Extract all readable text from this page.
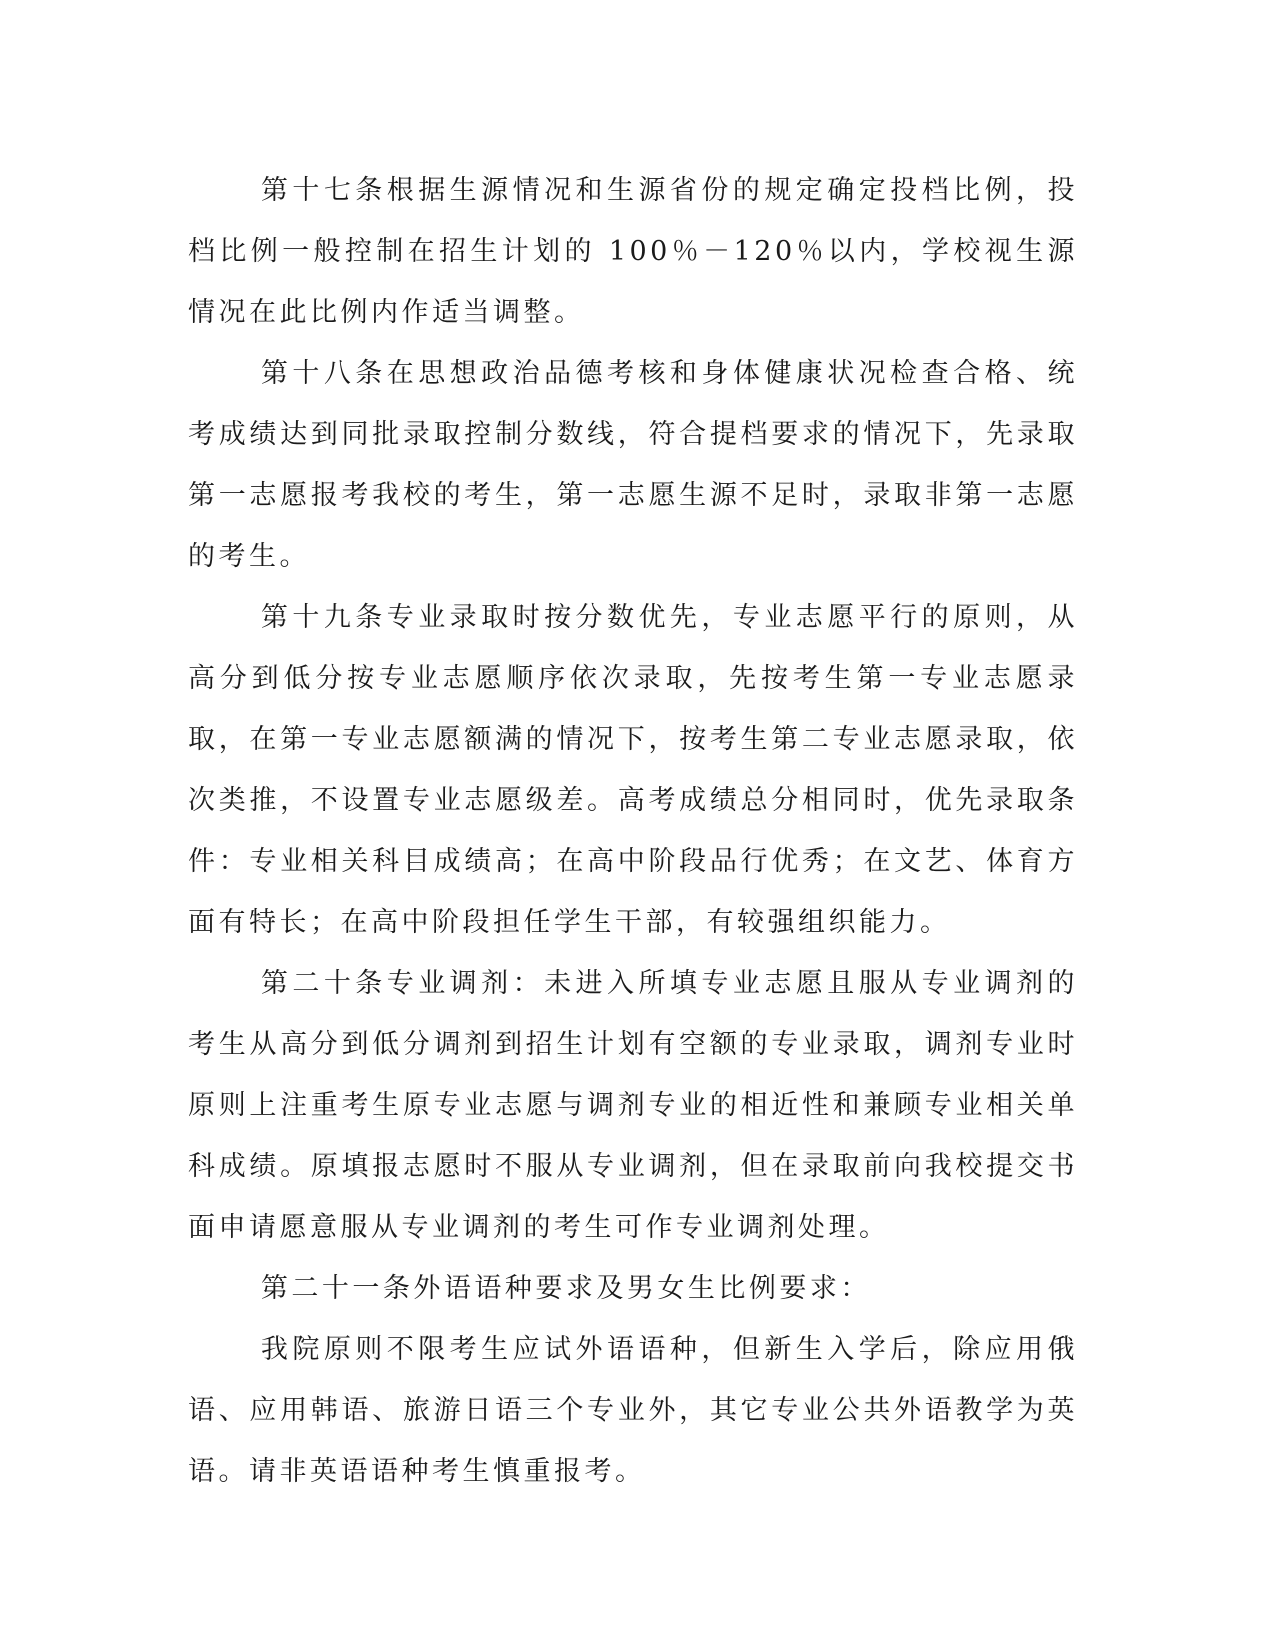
第十七条根据生源情况和生源省份的规定确定投档比例，投档比例一般控制在招生计划的 100％－120％以内，学校视生源情况在此比例内作适当调整。

第十八条在思想政治品德考核和身体健康状况检查合格、统考成绩达到同批录取控制分数线，符合提档要求的情况下，先录取第一志愿报考我校的考生，第一志愿生源不足时，录取非第一志愿的考生。

第十九条专业录取时按分数优先，专业志愿平行的原则，从高分到低分按专业志愿顺序依次录取，先按考生第一专业志愿录取，在第一专业志愿额满的情况下，按考生第二专业志愿录取，依次类推，不设置专业志愿级差。高考成绩总分相同时，优先录取条件：专业相关科目成绩高；在高中阶段品行优秀；在文艺、体育方面有特长；在高中阶段担任学生干部，有较强组织能力。

第二十条专业调剂：未进入所填专业志愿且服从专业调剂的考生从高分到低分调剂到招生计划有空额的专业录取，调剂专业时原则上注重考生原专业志愿与调剂专业的相近性和兼顾专业相关单科成绩。原填报志愿时不服从专业调剂，但在录取前向我校提交书面申请愿意服从专业调剂的考生可作专业调剂处理。

第二十一条外语语种要求及男女生比例要求：

我院原则不限考生应试外语语种，但新生入学后，除应用俄语、应用韩语、旅游日语三个专业外，其它专业公共外语教学为英语。请非英语语种考生慎重报考。
